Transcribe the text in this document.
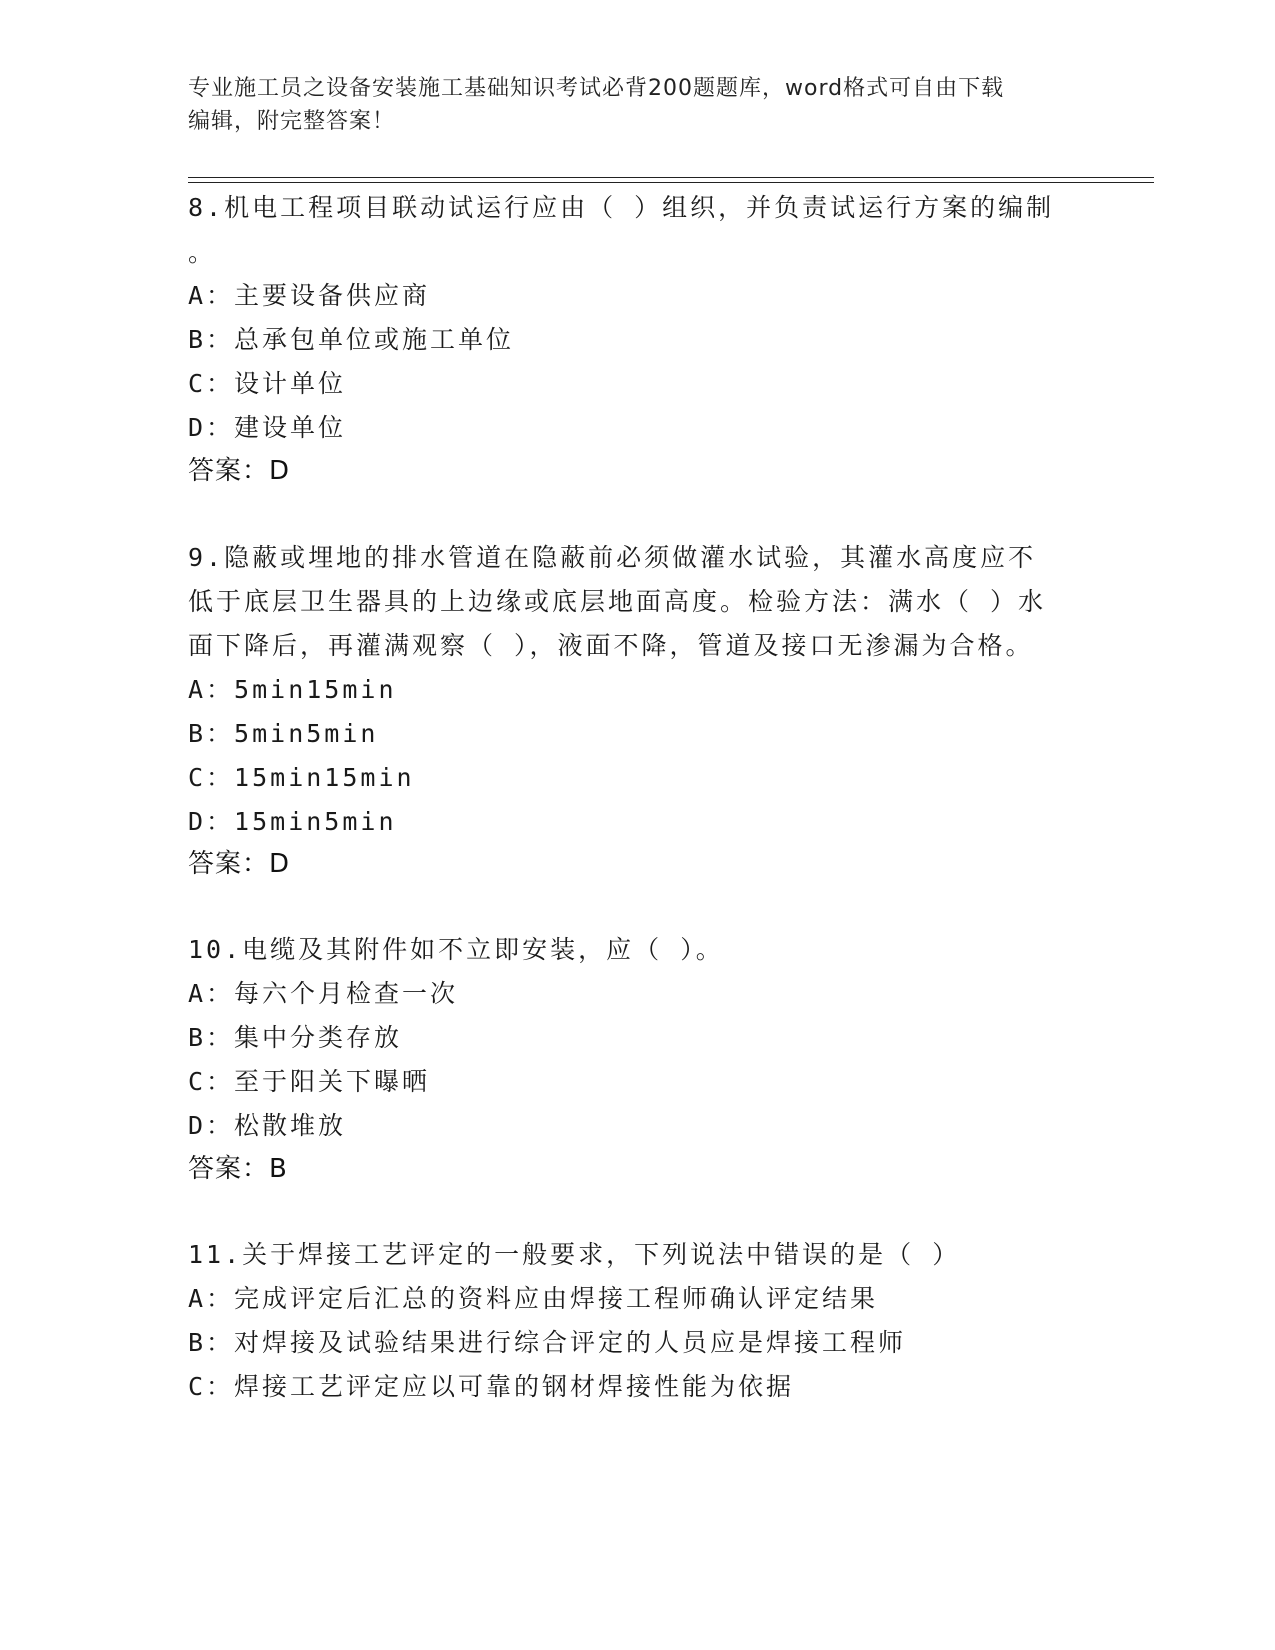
专业施工员之设备安装施工基础知识考试必背200题题库，word格式可自由下载
编辑，附完整答案！
8.机电工程项目联动试运行应由（ ）组织，并负责试运行方案的编制
。
A：主要设备供应商
B：总承包单位或施工单位
C：设计单位
D：建设单位
答案：D
9.隐蔽或埋地的排水管道在隐蔽前必须做灌水试验，其灌水高度应不
低于底层卫生器具的上边缘或底层地面高度。检验方法：满水（ ）水
面下降后，再灌满观察（ ），液面不降，管道及接口无渗漏为合格。
A：5min15min
B：5min5min
C：15min15min
D：15min5min
答案：D
10.电缆及其附件如不立即安装，应（ ）。
A：每六个月检查一次
B：集中分类存放
C：至于阳关下曝晒
D：松散堆放
答案：B
11.关于焊接工艺评定的一般要求，下列说法中错误的是（ ）
A：完成评定后汇总的资料应由焊接工程师确认评定结果
B：对焊接及试验结果进行综合评定的人员应是焊接工程师
C：焊接工艺评定应以可靠的钢材焊接性能为依据
